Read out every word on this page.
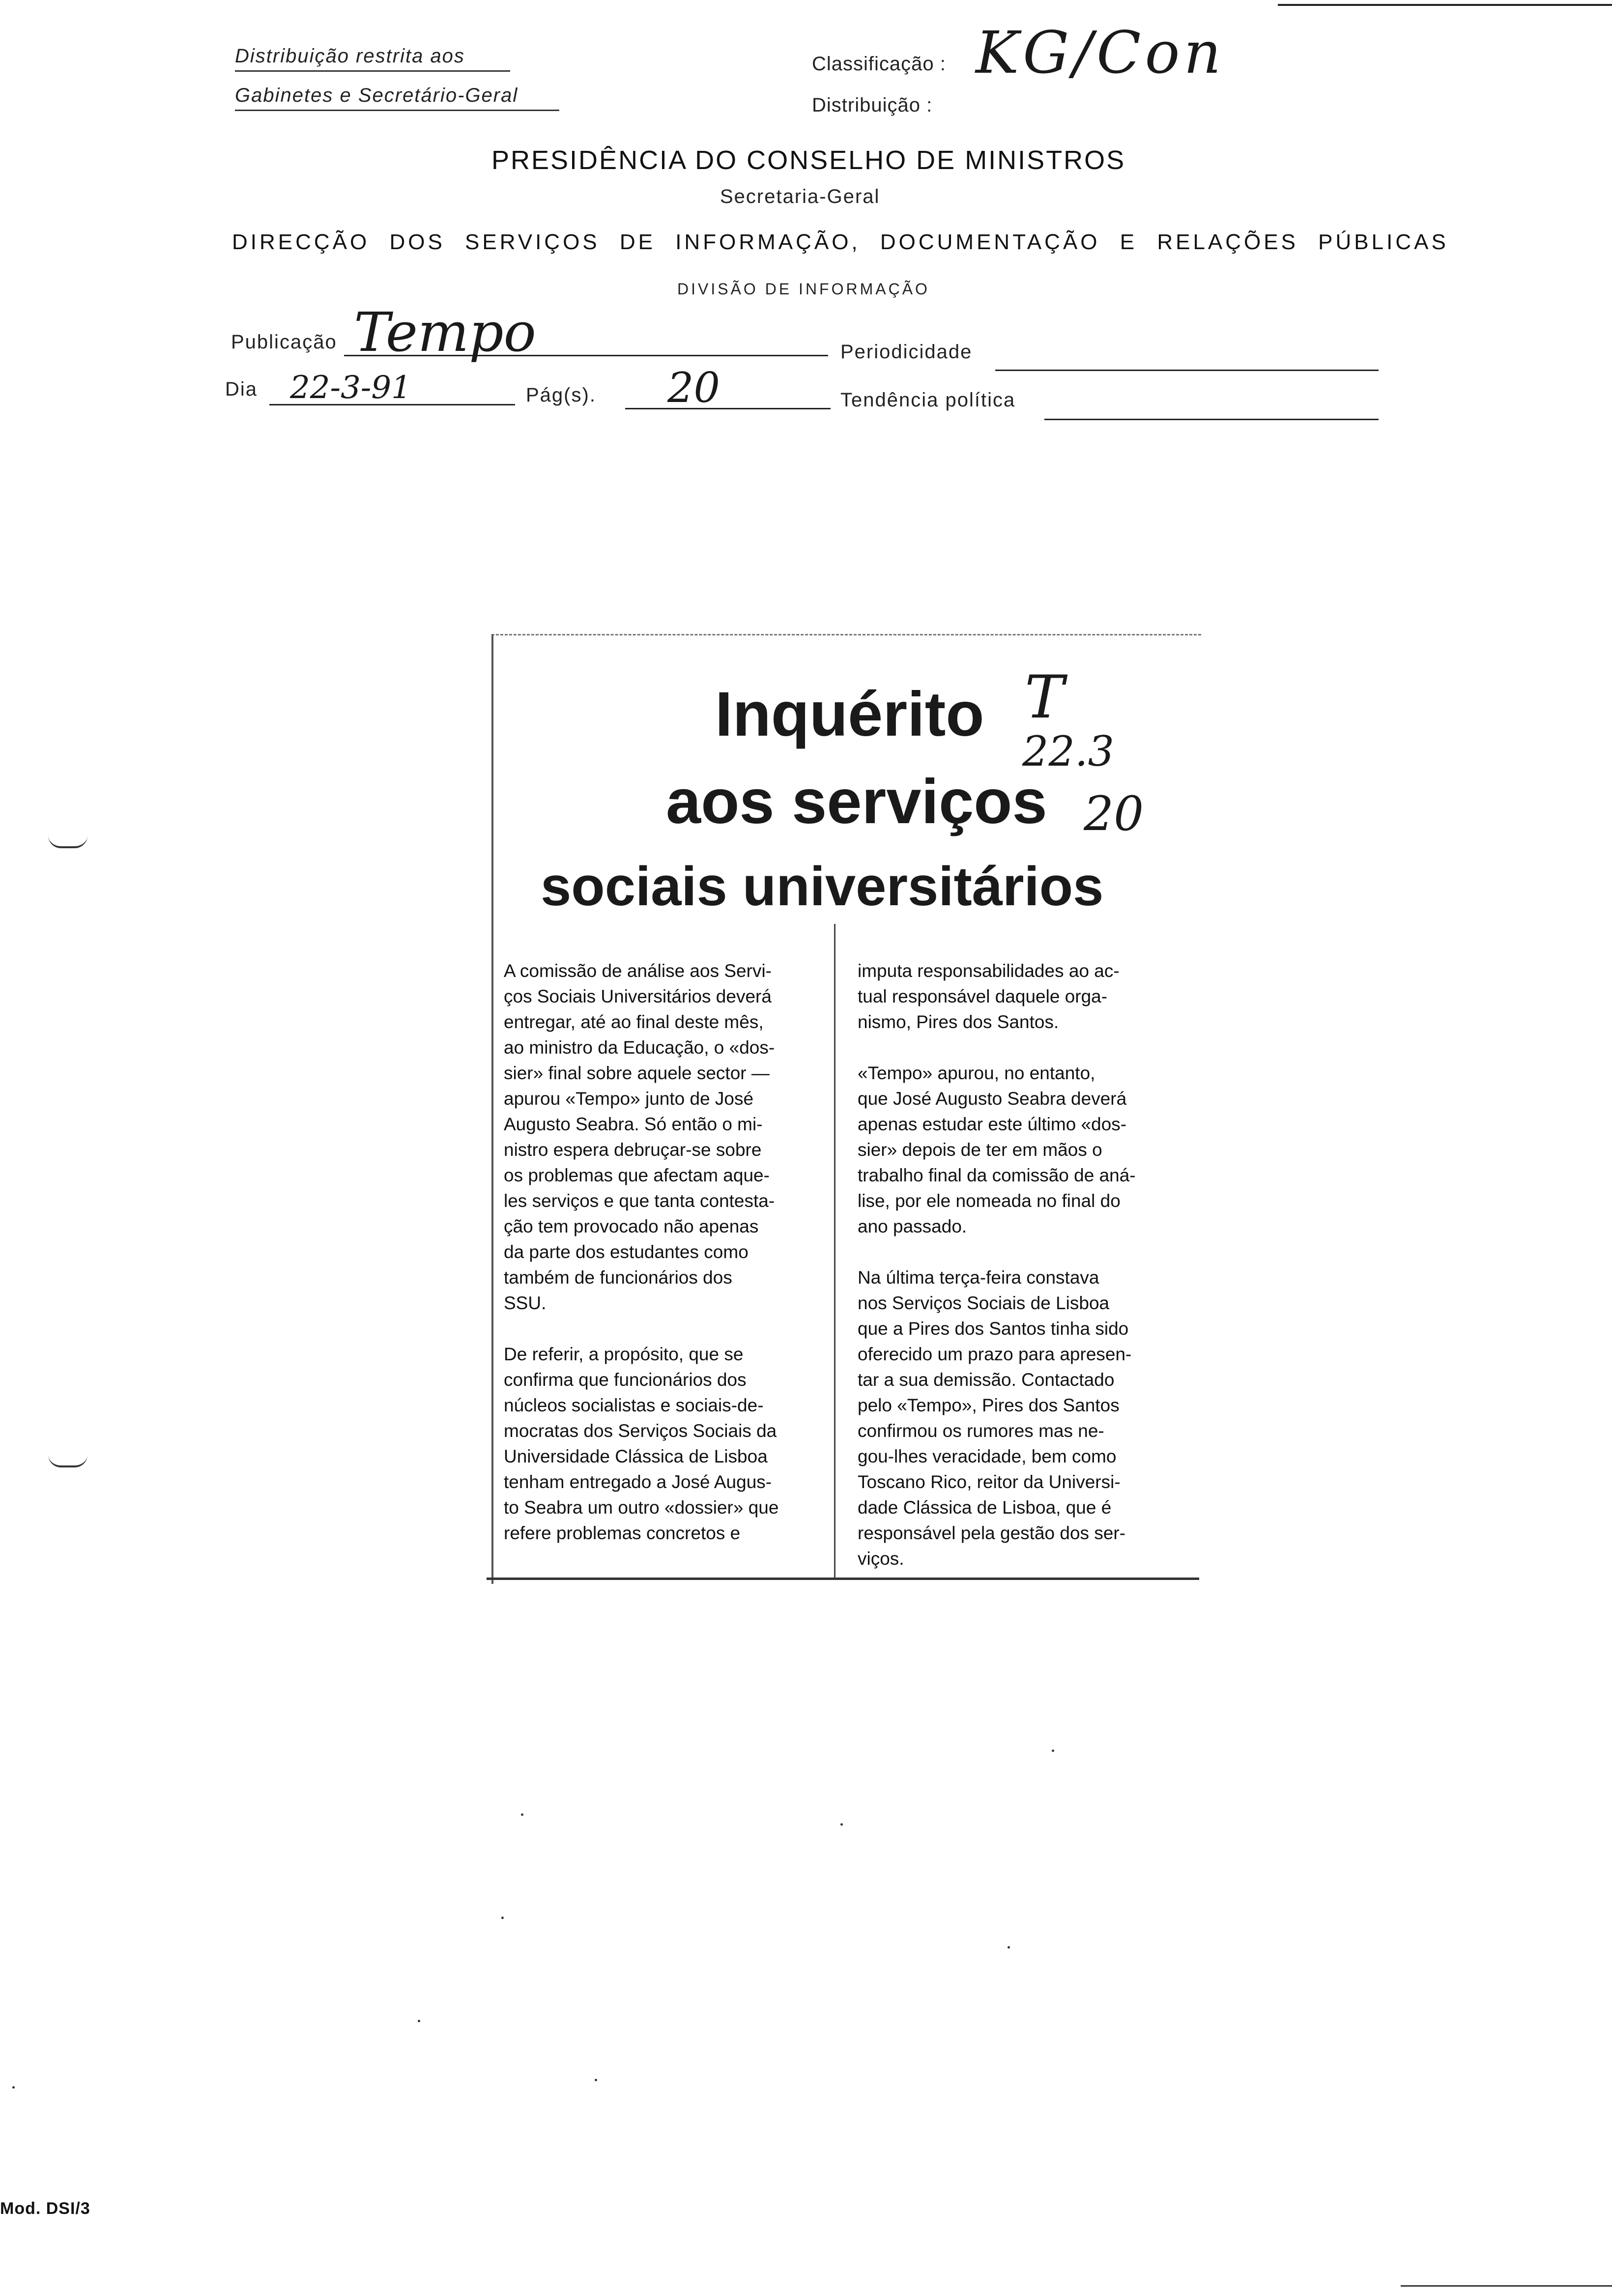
Distribuição restrita aos
Gabinetes e Secretário-Geral
Classificação : KG/Con
Distribuição :
PRESIDÊNCIA DO CONSELHO DE MINISTROS
Secretaria-Geral
DIRECÇÃO DOS SERVIÇOS DE INFORMAÇÃO, DOCUMENTAÇÃO E RELAÇÕES PÚBLICAS
DIVISÃO DE INFORMAÇÃO
Publicação Tempo	Periodicidade
Dia 22-3-91	Pág(s). 20	Tendência política
Inquérito
aos serviços
sociais universitários
T
22.3
20
A comissão de análise aos Servi-
ços Sociais Universitários deverá
entregar, até ao final deste mês,
ao ministro da Educação, o «dos-
sier» final sobre aquele sector —
apurou «Tempo» junto de José
Augusto Seabra. Só então o mi-
nistro espera debruçar-se sobre
os problemas que afectam aque-
les serviços e que tanta contesta-
ção tem provocado não apenas
da parte dos estudantes como
também de funcionários dos
SSU.

De referir, a propósito, que se
confirma que funcionários dos
núcleos socialistas e sociais-de-
mocratas dos Serviços Sociais da
Universidade Clássica de Lisboa
tenham entregado a José Augus-
to Seabra um outro «dossier» que
refere problemas concretos e
imputa responsabilidades ao ac-
tual responsável daquele orga-
nismo, Pires dos Santos.

«Tempo» apurou, no entanto,
que José Augusto Seabra deverá
apenas estudar este último «dos-
sier» depois de ter em mãos o
trabalho final da comissão de aná-
lise, por ele nomeada no final do
ano passado.

Na última terça-feira constava
nos Serviços Sociais de Lisboa
que a Pires dos Santos tinha sido
oferecido um prazo para apresen-
tar a sua demissão. Contactado
pelo «Tempo», Pires dos Santos
confirmou os rumores mas ne-
gou-lhes veracidade, bem como
Toscano Rico, reitor da Universi-
dade Clássica de Lisboa, que é
responsável pela gestão dos ser-
viços.
Mod. DSI/3
